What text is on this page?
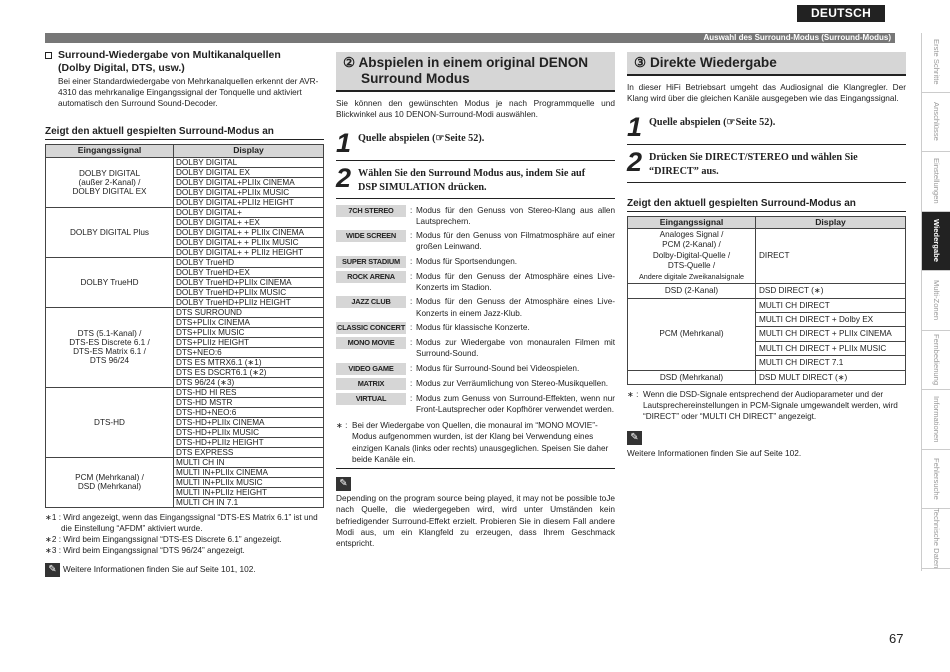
DEUTSCH
Auswahl des Surround-Modus (Surround-Modus)
Erste Schritte
Anschlüsse
Einstellungen
Wiedergabe
Multi-Zonen
Fernbedienung
Informationen
Fehlersuche
Technische Daten
Surround-Wiedergabe von Multikanalquellen
(Dolby Digital, DTS, usw.)
Bei einer Standardwiedergabe von Mehrkanalquellen erkennt der AVR-4310 das mehrkanalige Eingangssignal der Tonquelle und aktiviert automatisch den Surround Sound-Decoder.
Zeigt den aktuell gespielten Surround-Modus an
Eingangssignal	Display
DOLBY DIGITAL
(außer 2-Kanal) /
DOLBY DIGITAL EX	DOLBY DIGITAL
	DOLBY DIGITAL EX
	DOLBY DIGITAL+PLIIx CINEMA
	DOLBY DIGITAL+PLIIx MUSIC
	DOLBY DIGITAL+PLIIz HEIGHT
DOLBY DIGITAL Plus	DOLBY DIGITAL+
	DOLBY DIGITAL+ +EX
	DOLBY DIGITAL+ + PLIIx CINEMA
	DOLBY DIGITAL+ + PLIIx MUSIC
	DOLBY DIGITAL+ + PLIIz HEIGHT
DOLBY TrueHD	DOLBY TrueHD
	DOLBY TrueHD+EX
	DOLBY TrueHD+PLIIx CINEMA
	DOLBY TrueHD+PLIIx MUSIC
	DOLBY TrueHD+PLIIz HEIGHT
DTS (5.1-Kanal) /
DTS-ES Discrete 6.1 /
DTS-ES Matrix 6.1 /
DTS 96/24	DTS SURROUND
	DTS+PLIIx CINEMA
	DTS+PLIIx MUSIC
	DTS+PLIIz HEIGHT
	DTS+NEO:6
	DTS ES MTRX6.1 (∗1)
	DTS ES DSCRT6.1 (∗2)
	DTS 96/24 (∗3)
DTS-HD	DTS-HD HI RES
	DTS-HD MSTR
	DTS-HD+NEO:6
	DTS-HD+PLIIx CINEMA
	DTS-HD+PLIIx MUSIC
	DTS-HD+PLIIz HEIGHT
	DTS EXPRESS
PCM (Mehrkanal) /
DSD (Mehrkanal)	MULTI CH IN
	MULTI IN+PLIIx CINEMA
	MULTI IN+PLIIx MUSIC
	MULTI IN+PLIIz HEIGHT
	MULTI CH IN 7.1
∗1 : Wird angezeigt, wenn das Eingangssignal “DTS-ES Matrix 6.1” ist und die Einstellung “AFDM” aktiviert wurde.
∗2 : Wird beim Eingangssignal “DTS-ES Discrete 6.1” angezeigt.
∗3 : Wird beim Eingangssignal “DTS 96/24” angezeigt.
✎ Weitere Informationen finden Sie auf Seite 101, 102.
② Abspielen in einem original DENON
Surround Modus
Sie können den gewünschten Modus je nach Programmquelle und Blickwinkel aus 10 DENON-Surround-Modi auswählen.
1 Quelle abspielen (☞Seite 52).
2 Wählen Sie den Surround Modus aus, indem Sie auf
DSP SIMULATION drücken.
7CH STEREO	: Modus für den Genuss von Stereo-Klang aus allen Lautsprechern.
WIDE SCREEN	: Modus für den Genuss von Filmatmosphäre auf einer großen Leinwand.
SUPER STADIUM	: Modus für Sportsendungen.
ROCK ARENA	: Modus für den Genuss der Atmosphäre eines Live-Konzerts im Stadion.
JAZZ CLUB	: Modus für den Genuss der Atmosphäre eines Live-Konzerts in einem Jazz-Klub.
CLASSIC CONCERT : Modus für klassische Konzerte.
MONO MOVIE	: Modus zur Wiedergabe von monauralen Filmen mit Surround-Sound.
VIDEO GAME	: Modus für Surround-Sound bei Videospielen.
MATRIX	: Modus zur Verräumlichung von Stereo-Musikquellen.
VIRTUAL	: Modus zum Genuss von Surround-Effekten, wenn nur Front-Lautsprecher oder Kopfhörer verwendet werden.
∗ : Bei der Wiedergabe von Quellen, die monaural im “MONO MOVIE”-Modus aufgenommen wurden, ist der Klang bei Verwendung eines einzigen Kanals (links oder rechts) unausgeglichen. Speisen Sie daher beide Kanäle ein.
✎
Depending on the program source being played, it may not be possible toJe nach Quelle, die wiedergegeben wird, wird unter Umständen kein befriedigender Surround-Effekt erzielt. Probieren Sie in diesem Fall andere Modi aus, um ein Klangfeld zu erzeugen, dass Ihrem Geschmack entspricht.
③ Direkte Wiedergabe
In dieser HiFi Betriebsart umgeht das Audiosignal die Klangregler. Der Klang wird über die gleichen Kanäle ausgegeben wie das Eingangssignal.
1 Quelle abspielen (☞Seite 52).
2 Drücken Sie DIRECT/STEREO und wählen Sie
“DIRECT” aus.
Zeigt den aktuell gespielten Surround-Modus an
Eingangssignal	Display
Analoges Signal /
PCM (2-Kanal) /
Dolby-Digital-Quelle /
DTS-Quelle /
Andere digitale Zweikanalsignale	DIRECT
DSD (2-Kanal)	DSD DIRECT (∗)
PCM (Mehrkanal)	MULTI CH DIRECT
	MULTI CH DIRECT + Dolby EX
	MULTI CH DIRECT + PLIIx CINEMA
	MULTI CH DIRECT + PLIIx MUSIC
	MULTI CH DIRECT 7.1
DSD (Mehrkanal)	DSD MULT DIRECT (∗)
∗ : Wenn die DSD-Signale entsprechend der Audioparameter und der Lautsprechereinstellungen in PCM-Signale umgewandelt werden, wird “DIRECT” oder “MULTI CH DIRECT” angezeigt.
✎
Weitere Informationen finden Sie auf Seite 102.
67
